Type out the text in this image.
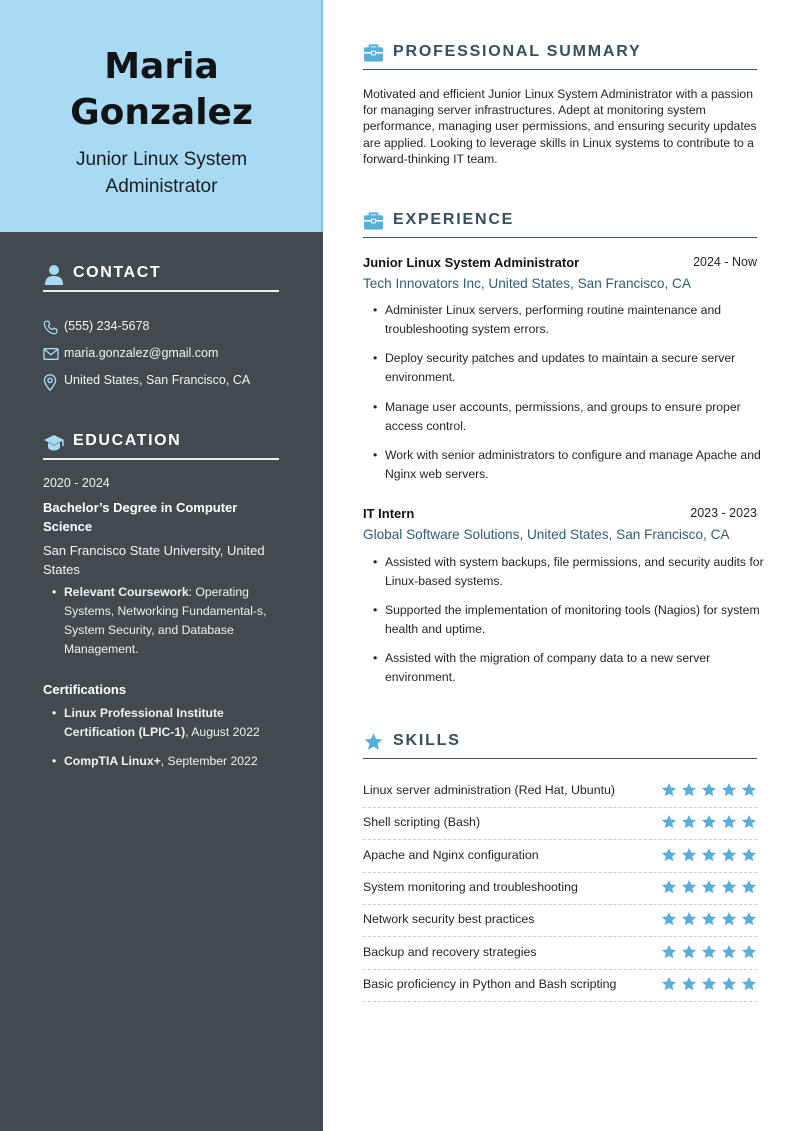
Maria
Gonzalez
Junior Linux System
Administrator
CONTACT
(555) 234-5678
maria.gonzalez@gmail.com
United States, San Francisco, CA
EDUCATION
2020 - 2024
Bachelor’s Degree in Computer Science
San Francisco State University, United States
• Relevant Coursework: Operating Systems, Networking Fundamental-s, System Security, and Database Management.
Certifications
• Linux Professional Institute Certification (LPIC-1), August 2022
• CompTIA Linux+, September 2022
PROFESSIONAL SUMMARY
Motivated and efficient Junior Linux System Administrator with a passion for managing server infrastructures. Adept at monitoring system performance, managing user permissions, and ensuring security updates are applied. Looking to leverage skills in Linux systems to contribute to a forward-thinking IT team.
EXPERIENCE
Junior Linux System Administrator	2024 - Now
Tech Innovators Inc, United States, San Francisco, CA
• Administer Linux servers, performing routine maintenance and troubleshooting system errors.
• Deploy security patches and updates to maintain a secure server environment.
• Manage user accounts, permissions, and groups to ensure proper access control.
• Work with senior administrators to configure and manage Apache and Nginx web servers.
IT Intern	2023 - 2023
Global Software Solutions, United States, San Francisco, CA
• Assisted with system backups, file permissions, and security audits for Linux-based systems.
• Supported the implementation of monitoring tools (Nagios) for system health and uptime.
• Assisted with the migration of company data to a new server environment.
SKILLS
Linux server administration (Red Hat, Ubuntu)
Shell scripting (Bash)
Apache and Nginx configuration
System monitoring and troubleshooting
Network security best practices
Backup and recovery strategies
Basic proficiency in Python and Bash scripting
